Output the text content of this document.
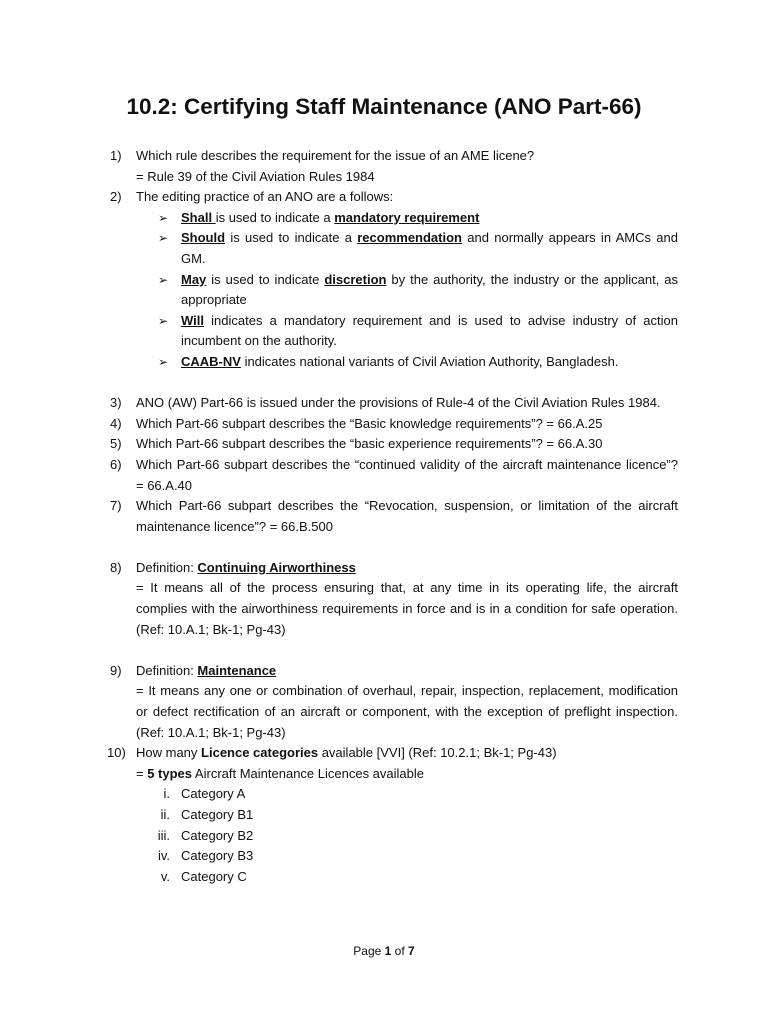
10.2: Certifying Staff Maintenance (ANO Part-66)
1) Which rule describes the requirement for the issue of an AME licene?
= Rule 39 of the Civil Aviation Rules 1984
2) The editing practice of an ANO are a follows:
➢ Shall is used to indicate a mandatory requirement
➢ Should is used to indicate a recommendation and normally appears in AMCs and GM.
➢ May is used to indicate discretion by the authority, the industry or the applicant, as appropriate
➢ Will indicates a mandatory requirement and is used to advise industry of action incumbent on the authority.
➢ CAAB-NV indicates national variants of Civil Aviation Authority, Bangladesh.
3) ANO (AW) Part-66 is issued under the provisions of Rule-4 of the Civil Aviation Rules 1984.
4) Which Part-66 subpart describes the “Basic knowledge requirements”? = 66.A.25
5) Which Part-66 subpart describes the “basic experience requirements”? = 66.A.30
6) Which Part-66 subpart describes the “continued validity of the aircraft maintenance licence”? = 66.A.40
7) Which Part-66 subpart describes the “Revocation, suspension, or limitation of the aircraft maintenance licence”? = 66.B.500
8) Definition: Continuing Airworthiness
= It means all of the process ensuring that, at any time in its operating life, the aircraft complies with the airworthiness requirements in force and is in a condition for safe operation. (Ref: 10.A.1; Bk-1; Pg-43)
9) Definition: Maintenance
= It means any one or combination of overhaul, repair, inspection, replacement, modification or defect rectification of an aircraft or component, with the exception of preflight inspection. (Ref: 10.A.1; Bk-1; Pg-43)
10) How many Licence categories available [VVI] (Ref: 10.2.1; Bk-1; Pg-43)
= 5 types Aircraft Maintenance Licences available
i. Category A
ii. Category B1
iii. Category B2
iv. Category B3
v. Category C
Page 1 of 7
